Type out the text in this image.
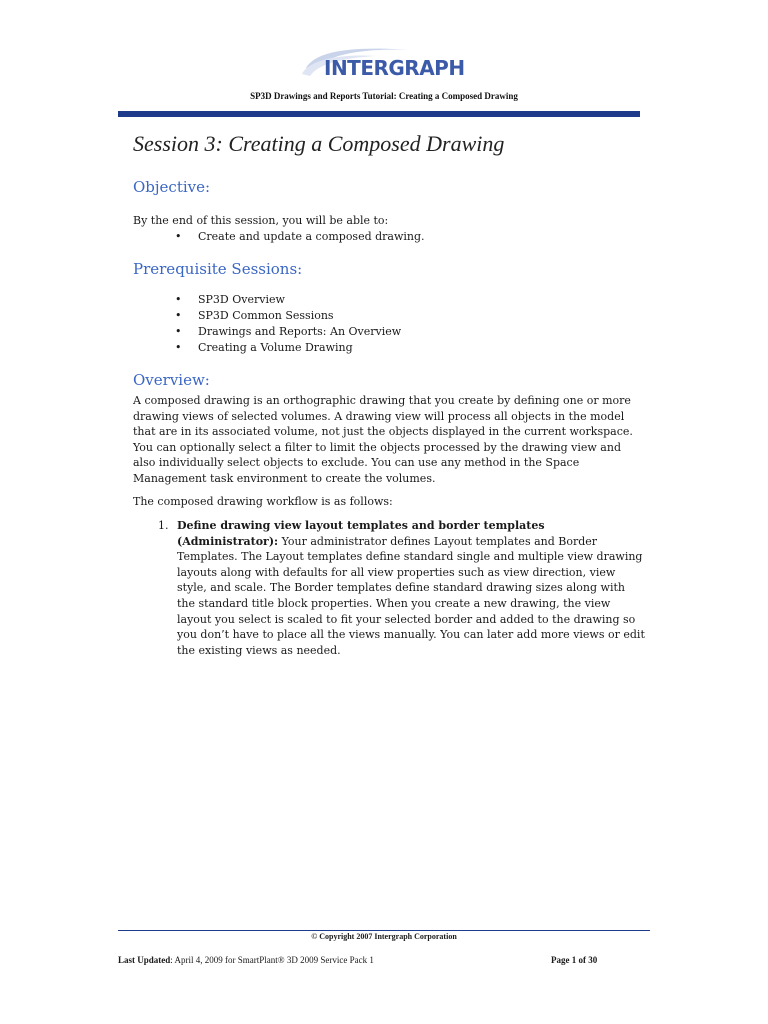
INTERGRAPH
SP3D Drawings and Reports Tutorial: Creating a Composed Drawing
Session 3: Creating a Composed Drawing
Objective:
By the end of this session, you will be able to:
• Create and update a composed drawing.
Prerequisite Sessions:
• SP3D Overview
• SP3D Common Sessions
• Drawings and Reports: An Overview
• Creating a Volume Drawing
Overview:
A composed drawing is an orthographic drawing that you create by defining one or more drawing views of selected volumes. A drawing view will process all objects in the model that are in its associated volume, not just the objects displayed in the current workspace. You can optionally select a filter to limit the objects processed by the drawing view and also individually select objects to exclude. You can use any method in the Space Management task environment to create the volumes.
The composed drawing workflow is as follows:
1. Define drawing view layout templates and border templates (Administrator): Your administrator defines Layout templates and Border Templates. The Layout templates define standard single and multiple view drawing layouts along with defaults for all view properties such as view direction, view style, and scale. The Border templates define standard drawing sizes along with the standard title block properties. When you create a new drawing, the view layout you select is scaled to fit your selected border and added to the drawing so you don’t have to place all the views manually. You can later add more views or edit the existing views as needed.
© Copyright 2007 Intergraph Corporation
Last Updated: April 4, 2009 for SmartPlant® 3D 2009 Service Pack 1	Page 1 of 30
